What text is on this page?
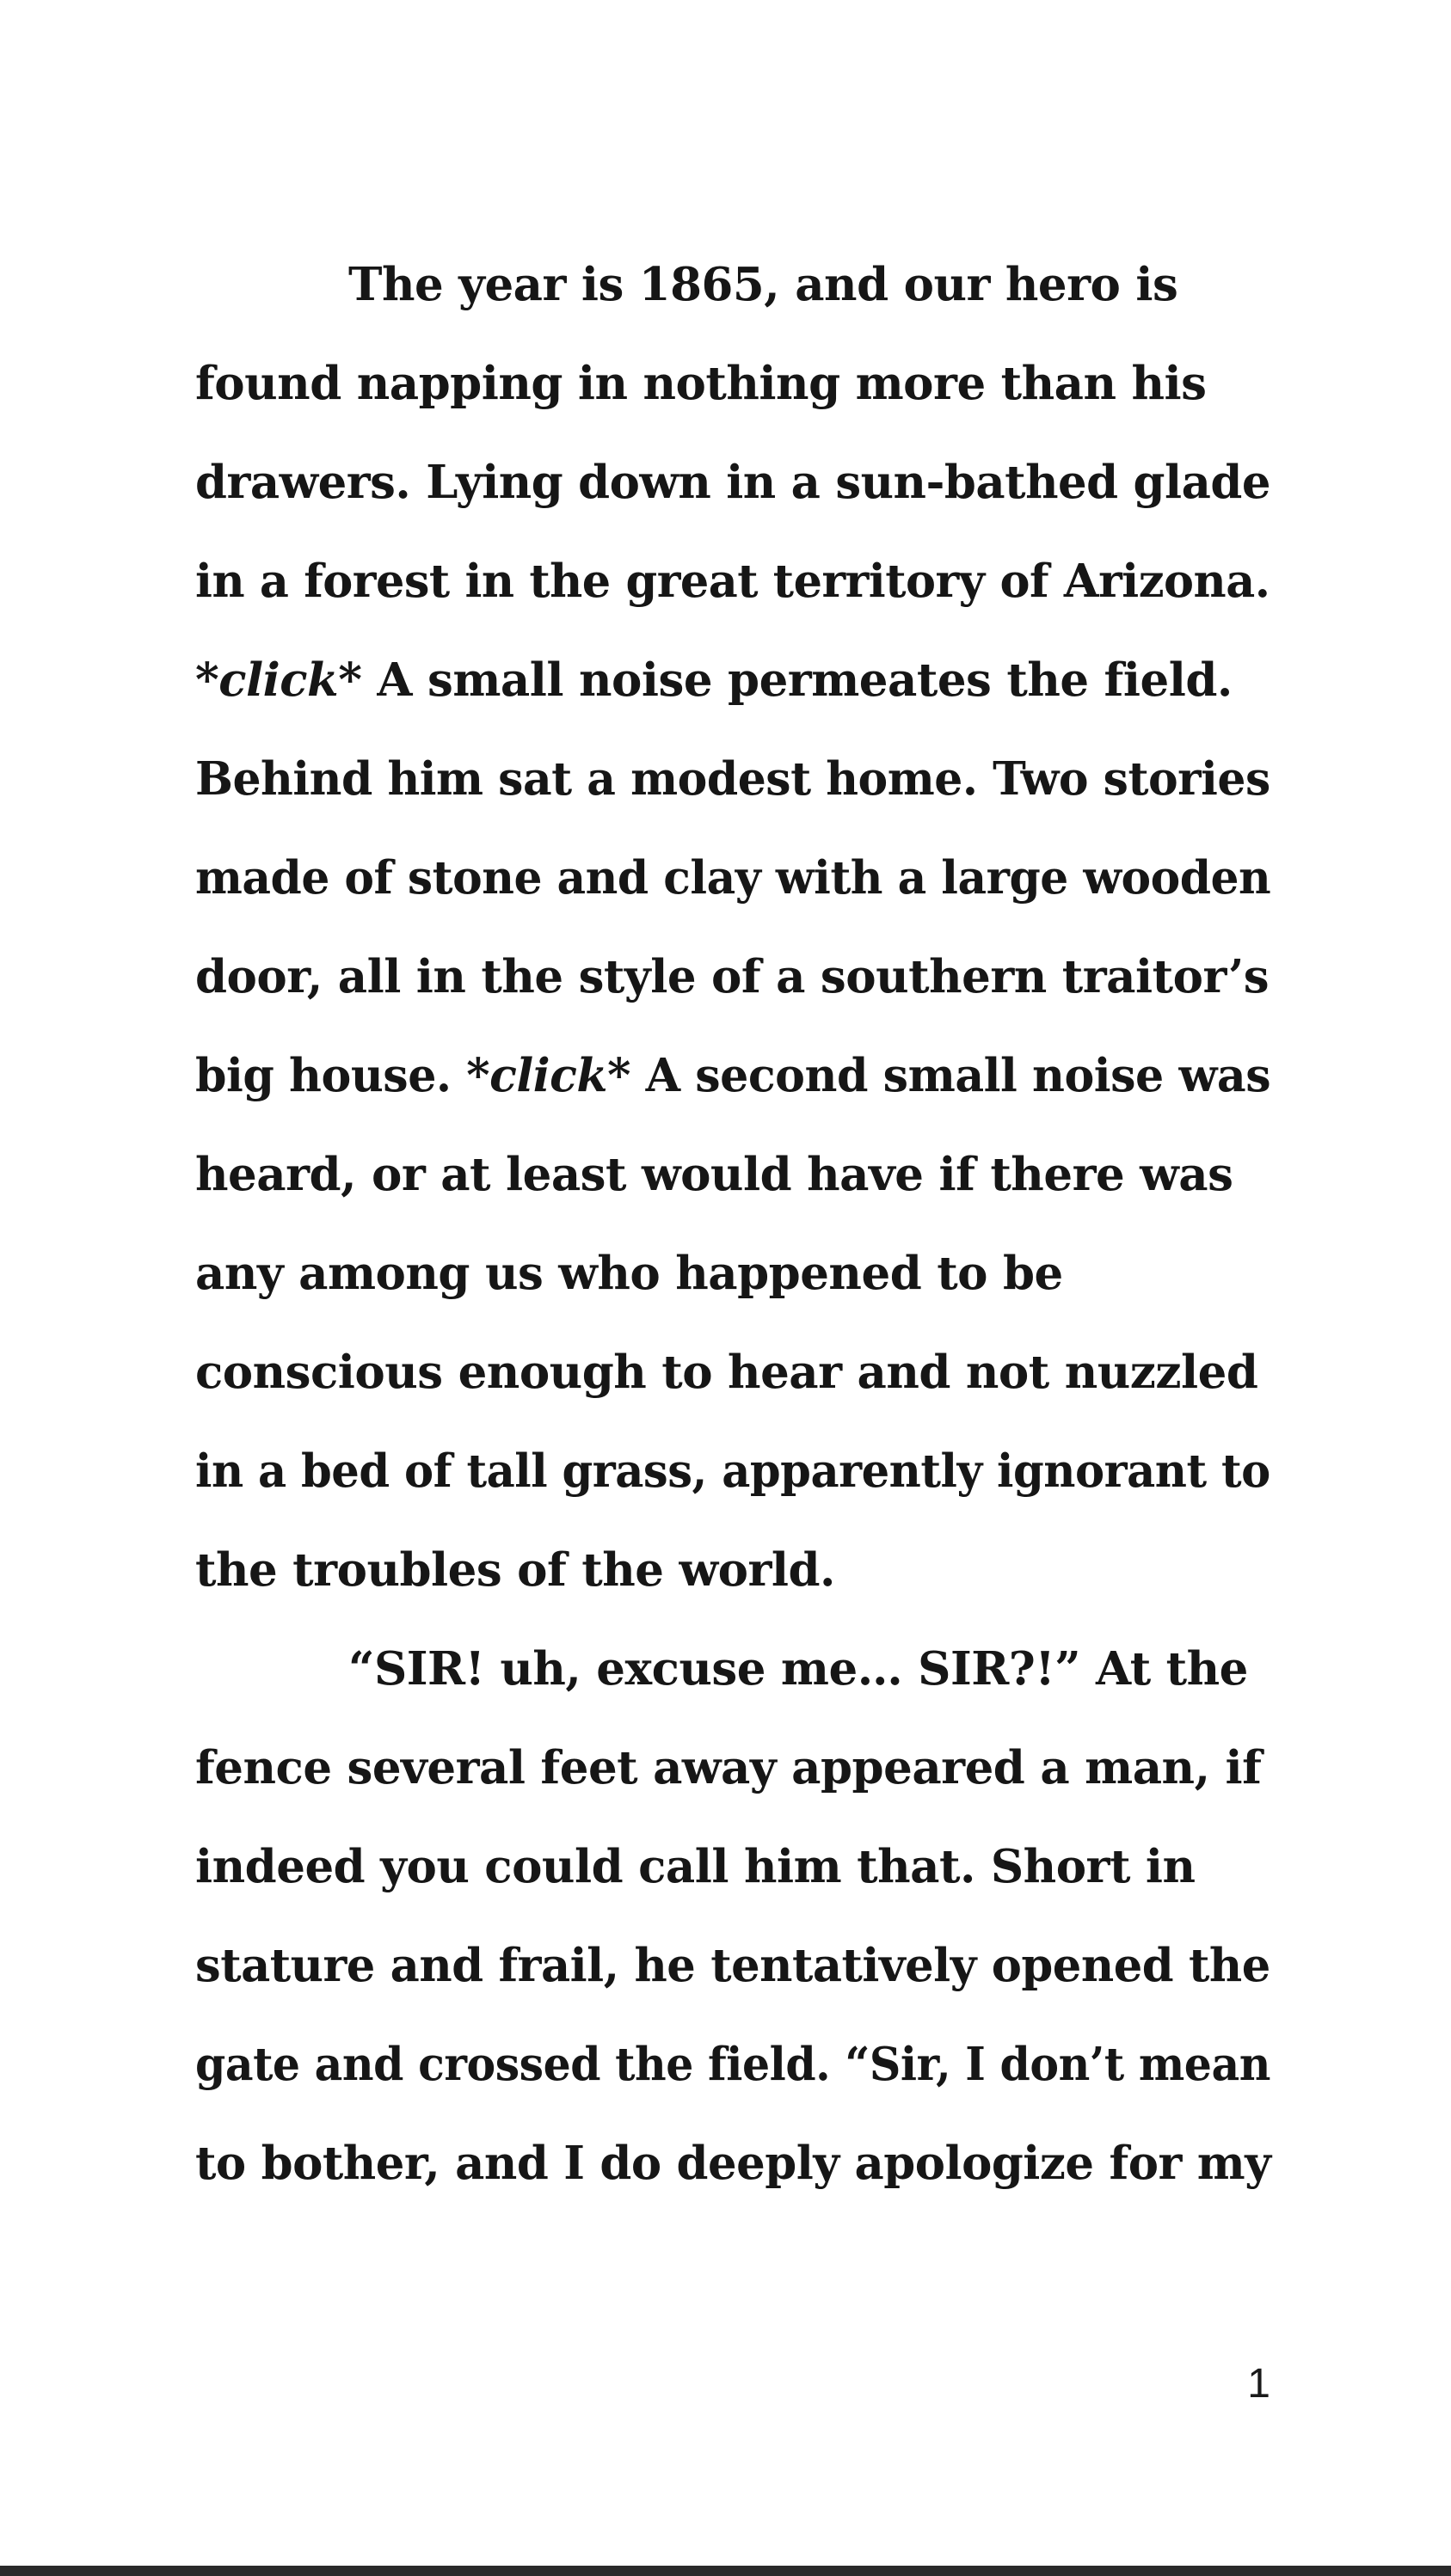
The year is 1865, and our hero is
found napping in nothing more than his
drawers. Lying down in a sun-bathed glade
in a forest in the great territory of Arizona.
*click* A small noise permeates the field.
Behind him sat a modest home. Two stories
made of stone and clay with a large wooden
door, all in the style of a southern traitor’s
big house. *click* A second small noise was
heard, or at least would have if there was
any among us who happened to be
conscious enough to hear and not nuzzled
in a bed of tall grass, apparently ignorant to
the troubles of the world.
“SIR! uh, excuse me… SIR?!” At the
fence several feet away appeared a man, if
indeed you could call him that. Short in
stature and frail, he tentatively opened the
gate and crossed the field. “Sir, I don’t mean
to bother, and I do deeply apologize for my
1
